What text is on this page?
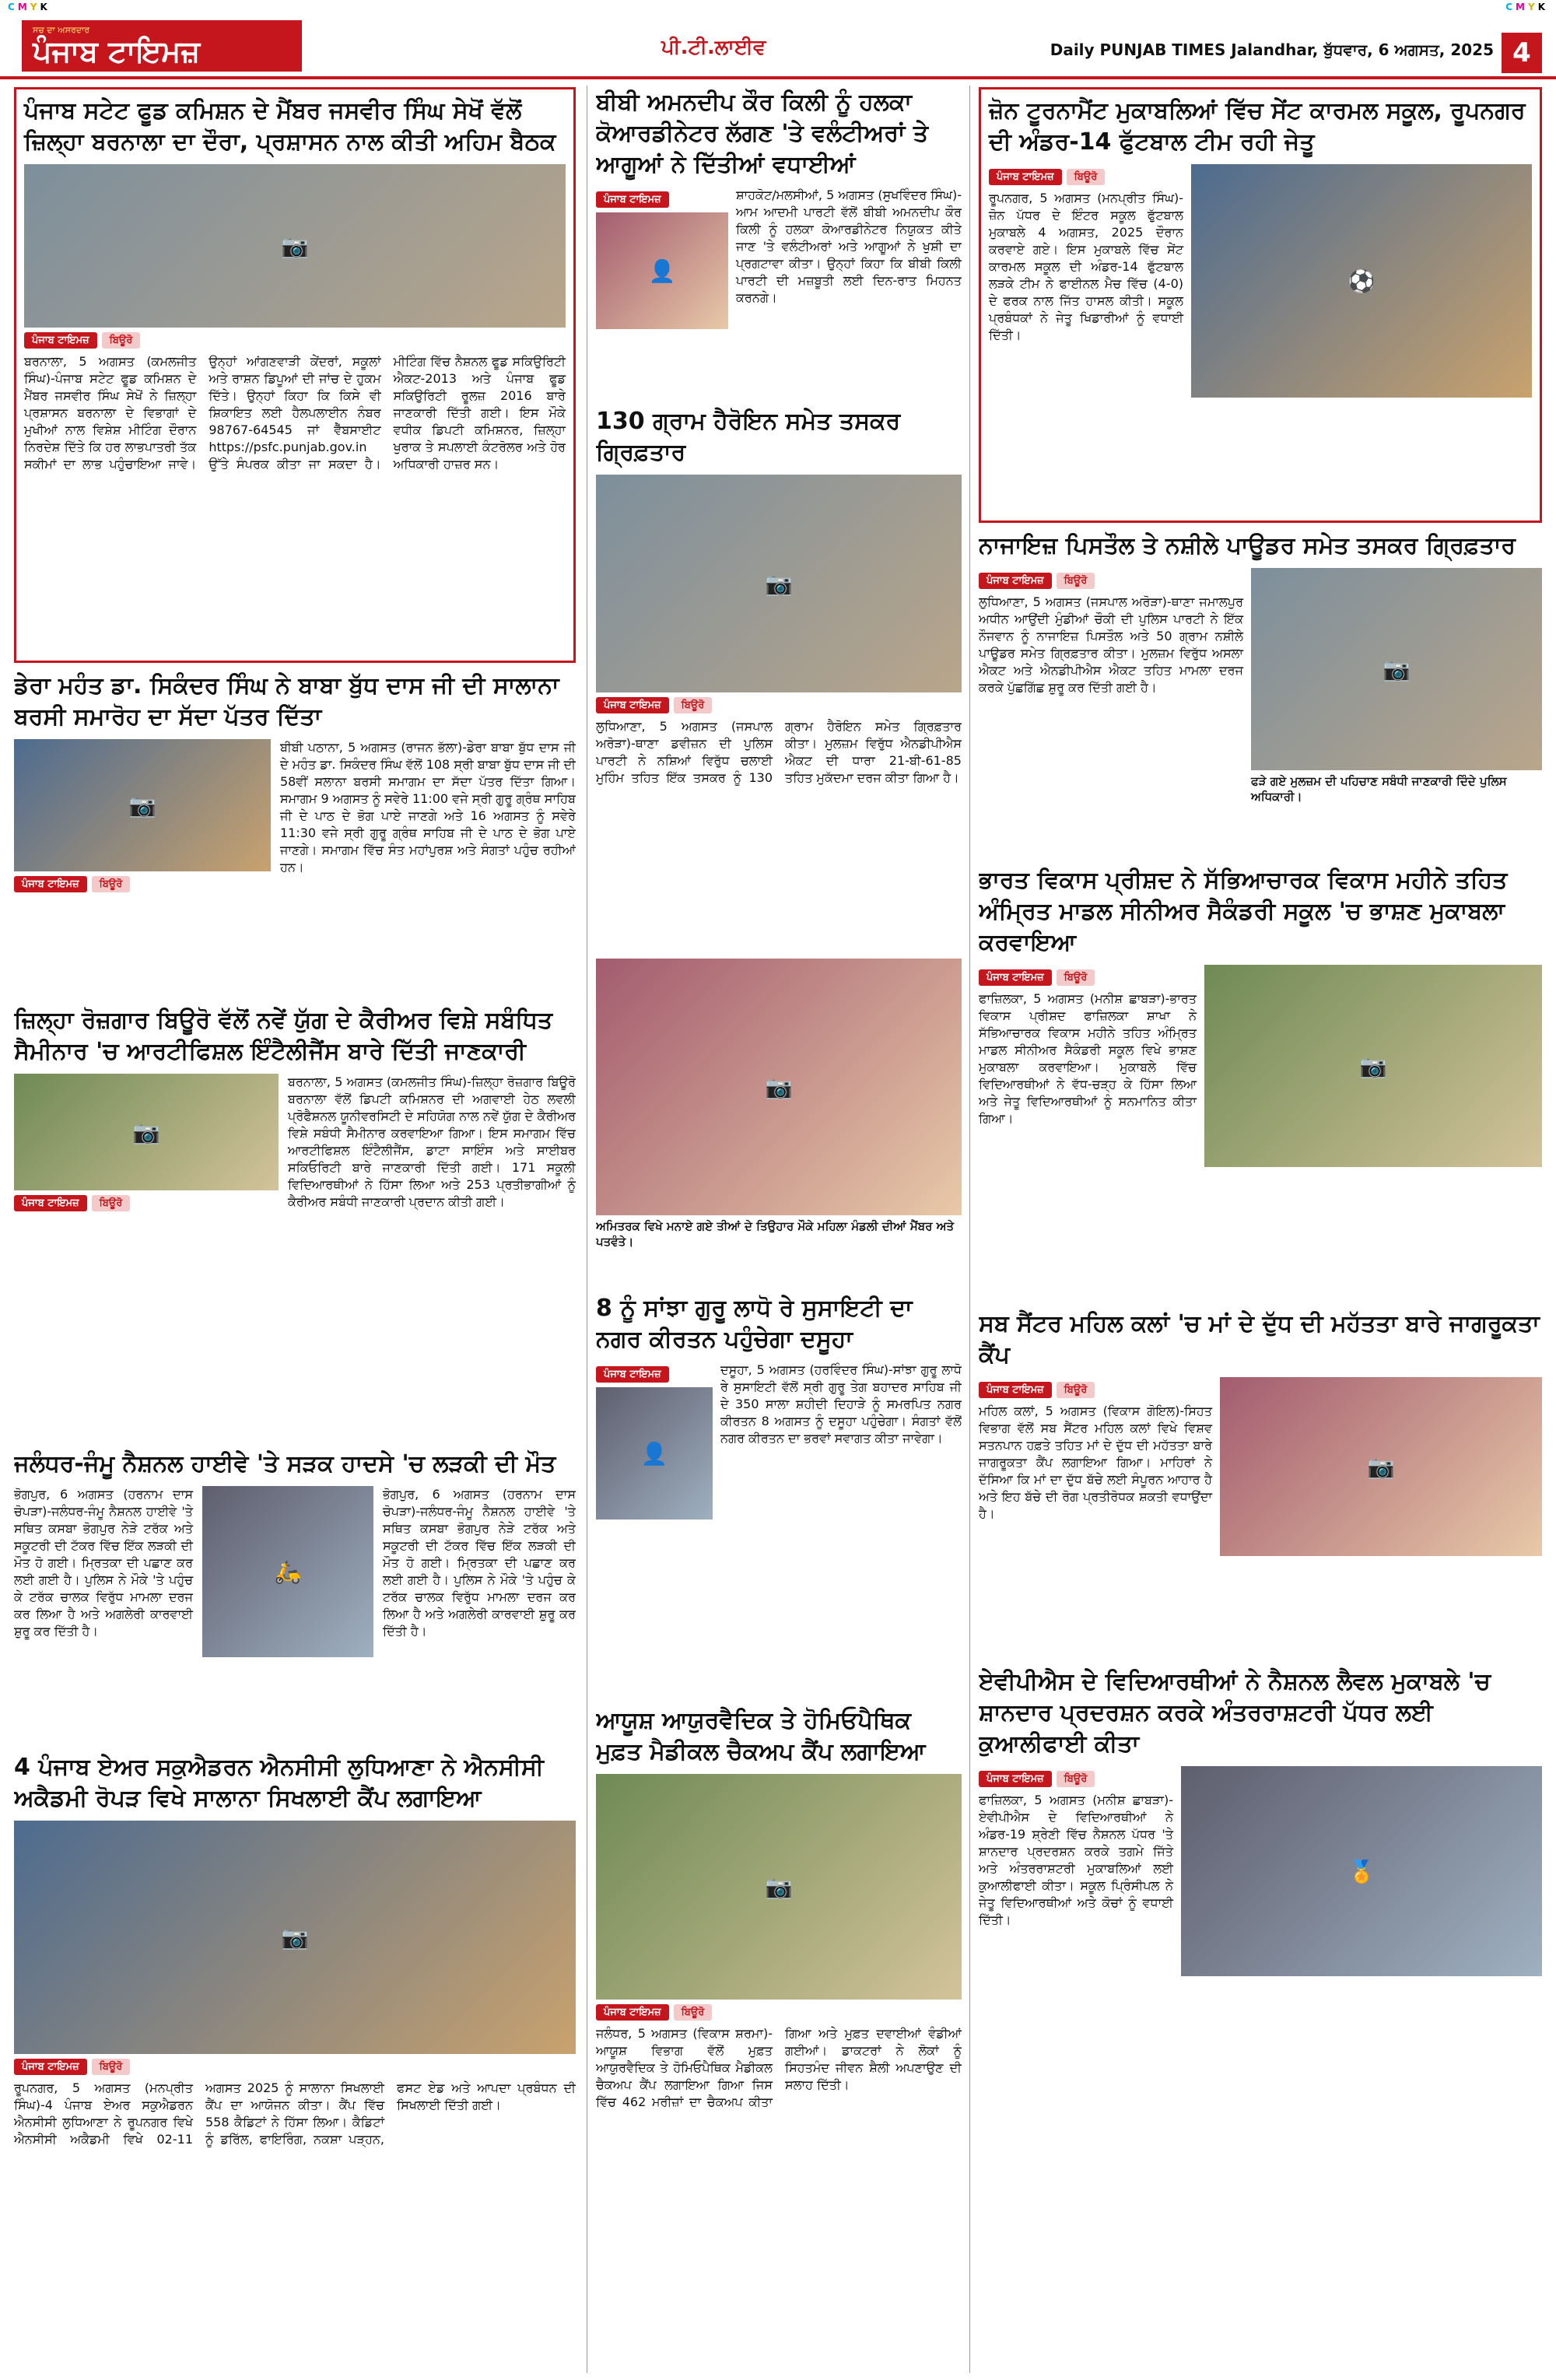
CMYK	CMYK
ਸਚ ਦਾ ਅਸਰਦਾਰ
ਪੰਜਾਬ ਟਾਇਮਜ਼	ਪੀ.ਟੀ.ਲਾਈਵ	Daily PUNJAB TIMES Jalandhar, ਬੁੱਧਵਾਰ, 6 ਅਗਸਤ, 2025 4
ਪੰਜਾਬ ਸਟੇਟ ਫੂਡ ਕਮਿਸ਼ਨ ਦੇ ਮੈਂਬਰ ਜਸਵੀਰ ਸਿੰਘ ਸੇਖੋਂ ਵੱਲੋਂ ਜ਼ਿਲ੍ਹਾ ਬਰਨਾਲਾ ਦਾ ਦੌਰਾ, ਪ੍ਰਸ਼ਾਸਨ ਨਾਲ ਕੀਤੀ ਅਹਿਮ ਬੈਠਕ
📷
ਪੰਜਾਬ ਟਾਇਮਜ਼	ਬਿਊਰੋ
ਬਰਨਾਲਾ, 5 ਅਗਸਤ (ਕਮਲਜੀਤ ਸਿੰਘ)-ਪੰਜਾਬ ਸਟੇਟ ਫੂਡ ਕਮਿਸ਼ਨ ਦੇ ਮੈਂਬਰ ਜਸਵੀਰ ਸਿੰਘ ਸੇਖੋਂ ਨੇ ਜ਼ਿਲ੍ਹਾ ਪ੍ਰਸ਼ਾਸਨ ਬਰਨਾਲਾ ਦੇ ਵਿਭਾਗਾਂ ਦੇ ਮੁਖੀਆਂ ਨਾਲ ਵਿਸ਼ੇਸ਼ ਮੀਟਿੰਗ ਦੌਰਾਨ ਨਿਰਦੇਸ਼ ਦਿੱਤੇ ਕਿ ਹਰ ਲਾਭਪਾਤਰੀ ਤੱਕ ਸਕੀਮਾਂ ਦਾ ਲਾਭ ਪਹੁੰਚਾਇਆ ਜਾਵੇ। ਉਨ੍ਹਾਂ ਆਂਗਣਵਾੜੀ ਕੇਂਦਰਾਂ, ਸਕੂਲਾਂ ਅਤੇ ਰਾਸ਼ਨ ਡਿਪੂਆਂ ਦੀ ਜਾਂਚ ਦੇ ਹੁਕਮ ਦਿੱਤੇ। ਉਨ੍ਹਾਂ ਕਿਹਾ ਕਿ ਕਿਸੇ ਵੀ ਸ਼ਿਕਾਇਤ ਲਈ ਹੈਲਪਲਾਈਨ ਨੰਬਰ 98767-64545 ਜਾਂ ਵੈੱਬਸਾਈਟ https://psfc.punjab.gov.in ਉੱਤੇ ਸੰਪਰਕ ਕੀਤਾ ਜਾ ਸਕਦਾ ਹੈ। ਮੀਟਿੰਗ ਵਿੱਚ ਨੈਸ਼ਨਲ ਫੂਡ ਸਕਿਉਰਿਟੀ ਐਕਟ-2013 ਅਤੇ ਪੰਜਾਬ ਫੂਡ ਸਕਿਉਰਿਟੀ ਰੂਲਜ਼ 2016 ਬਾਰੇ ਜਾਣਕਾਰੀ ਦਿੱਤੀ ਗਈ। ਇਸ ਮੌਕੇ ਵਧੀਕ ਡਿਪਟੀ ਕਮਿਸ਼ਨਰ, ਜ਼ਿਲ੍ਹਾ ਖੁਰਾਕ ਤੇ ਸਪਲਾਈ ਕੰਟਰੋਲਰ ਅਤੇ ਹੋਰ ਅਧਿਕਾਰੀ ਹਾਜ਼ਰ ਸਨ।
ਡੇਰਾ ਮਹੰਤ ਡਾ. ਸਿਕੰਦਰ ਸਿੰਘ ਨੇ ਬਾਬਾ ਬੁੱਧ ਦਾਸ ਜੀ ਦੀ ਸਾਲਾਨਾ ਬਰਸੀ ਸਮਾਰੋਹ ਦਾ ਸੱਦਾ ਪੱਤਰ ਦਿੱਤਾ
📷
ਪੰਜਾਬ ਟਾਇਮਜ਼	ਬਿਊਰੋ
ਬੀਬੀ ਪਠਾਨਾ, 5 ਅਗਸਤ (ਰਾਜਨ ਭੱਲਾ)-ਡੇਰਾ ਬਾਬਾ ਬੁੱਧ ਦਾਸ ਜੀ ਦੇ ਮਹੰਤ ਡਾ. ਸਿਕੰਦਰ ਸਿੰਘ ਵੱਲੋਂ 108 ਸ੍ਰੀ ਬਾਬਾ ਬੁੱਧ ਦਾਸ ਜੀ ਦੀ 58ਵੀਂ ਸਲਾਨਾ ਬਰਸੀ ਸਮਾਗਮ ਦਾ ਸੱਦਾ ਪੱਤਰ ਦਿੱਤਾ ਗਿਆ। ਸਮਾਗਮ 9 ਅਗਸਤ ਨੂੰ ਸਵੇਰੇ 11:00 ਵਜੇ ਸ੍ਰੀ ਗੁਰੂ ਗ੍ਰੰਥ ਸਾਹਿਬ ਜੀ ਦੇ ਪਾਠ ਦੇ ਭੋਗ ਪਾਏ ਜਾਣਗੇ ਅਤੇ 16 ਅਗਸਤ ਨੂੰ ਸਵੇਰੇ 11:30 ਵਜੇ ਸ੍ਰੀ ਗੁਰੂ ਗ੍ਰੰਥ ਸਾਹਿਬ ਜੀ ਦੇ ਪਾਠ ਦੇ ਭੋਗ ਪਾਏ ਜਾਣਗੇ। ਸਮਾਗਮ ਵਿੱਚ ਸੰਤ ਮਹਾਂਪੁਰਸ਼ ਅਤੇ ਸੰਗਤਾਂ ਪਹੁੰਚ ਰਹੀਆਂ ਹਨ।
ਜ਼ਿਲ੍ਹਾ ਰੋਜ਼ਗਾਰ ਬਿਊਰੋ ਵੱਲੋਂ ਨਵੇਂ ਯੁੱਗ ਦੇ ਕੈਰੀਅਰ ਵਿਸ਼ੇ ਸਬੰਧਿਤ ਸੈਮੀਨਾਰ 'ਚ ਆਰਟੀਫਿਸ਼ਲ ਇੰਟੈਲੀਜੈਂਸ ਬਾਰੇ ਦਿੱਤੀ ਜਾਣਕਾਰੀ
📷
ਪੰਜਾਬ ਟਾਇਮਜ਼	ਬਿਊਰੋ
ਬਰਨਾਲਾ, 5 ਅਗਸਤ (ਕਮਲਜੀਤ ਸਿੰਘ)-ਜ਼ਿਲ੍ਹਾ ਰੋਜ਼ਗਾਰ ਬਿਊਰੋ ਬਰਨਾਲਾ ਵੱਲੋਂ ਡਿਪਟੀ ਕਮਿਸ਼ਨਰ ਦੀ ਅਗਵਾਈ ਹੇਠ ਲਵਲੀ ਪ੍ਰੋਫੈਸ਼ਨਲ ਯੂਨੀਵਰਸਿਟੀ ਦੇ ਸਹਿਯੋਗ ਨਾਲ ਨਵੇਂ ਯੁੱਗ ਦੇ ਕੈਰੀਅਰ ਵਿਸ਼ੇ ਸਬੰਧੀ ਸੈਮੀਨਾਰ ਕਰਵਾਇਆ ਗਿਆ। ਇਸ ਸਮਾਗਮ ਵਿੱਚ ਆਰਟੀਫਿਸ਼ਲ ਇੰਟੈਲੀਜੈਂਸ, ਡਾਟਾ ਸਾਇੰਸ ਅਤੇ ਸਾਈਬਰ ਸਕਿਓਰਿਟੀ ਬਾਰੇ ਜਾਣਕਾਰੀ ਦਿੱਤੀ ਗਈ। 171 ਸਕੂਲੀ ਵਿਦਿਆਰਥੀਆਂ ਨੇ ਹਿੱਸਾ ਲਿਆ ਅਤੇ 253 ਪ੍ਰਤੀਭਾਗੀਆਂ ਨੂੰ ਕੈਰੀਅਰ ਸਬੰਧੀ ਜਾਣਕਾਰੀ ਪ੍ਰਦਾਨ ਕੀਤੀ ਗਈ।
ਜਲੰਧਰ-ਜੰਮੂ ਨੈਸ਼ਨਲ ਹਾਈਵੇ 'ਤੇ ਸੜਕ ਹਾਦਸੇ 'ਚ ਲੜਕੀ ਦੀ ਮੌਤ
ਭੋਗਪੁਰ, 6 ਅਗਸਤ (ਹਰਨਾਮ ਦਾਸ ਚੋਪੜਾ)-ਜਲੰਧਰ-ਜੰਮੂ ਨੈਸ਼ਨਲ ਹਾਈਵੇ 'ਤੇ ਸਥਿਤ ਕਸਬਾ ਭੋਗਪੁਰ ਨੇੜੇ ਟਰੱਕ ਅਤੇ ਸਕੂਟਰੀ ਦੀ ਟੱਕਰ ਵਿੱਚ ਇੱਕ ਲੜਕੀ ਦੀ ਮੌਤ ਹੋ ਗਈ। ਮ੍ਰਿਤਕਾ ਦੀ ਪਛਾਣ ਕਰ ਲਈ ਗਈ ਹੈ। ਪੁਲਿਸ ਨੇ ਮੌਕੇ 'ਤੇ ਪਹੁੰਚ ਕੇ ਟਰੱਕ ਚਾਲਕ ਵਿਰੁੱਧ ਮਾਮਲਾ ਦਰਜ ਕਰ ਲਿਆ ਹੈ ਅਤੇ ਅਗਲੇਰੀ ਕਾਰਵਾਈ ਸ਼ੁਰੂ ਕਰ ਦਿੱਤੀ ਹੈ।
🛵
ਭੋਗਪੁਰ, 6 ਅਗਸਤ (ਹਰਨਾਮ ਦਾਸ ਚੋਪੜਾ)-ਜਲੰਧਰ-ਜੰਮੂ ਨੈਸ਼ਨਲ ਹਾਈਵੇ 'ਤੇ ਸਥਿਤ ਕਸਬਾ ਭੋਗਪੁਰ ਨੇੜੇ ਟਰੱਕ ਅਤੇ ਸਕੂਟਰੀ ਦੀ ਟੱਕਰ ਵਿੱਚ ਇੱਕ ਲੜਕੀ ਦੀ ਮੌਤ ਹੋ ਗਈ। ਮ੍ਰਿਤਕਾ ਦੀ ਪਛਾਣ ਕਰ ਲਈ ਗਈ ਹੈ। ਪੁਲਿਸ ਨੇ ਮੌਕੇ 'ਤੇ ਪਹੁੰਚ ਕੇ ਟਰੱਕ ਚਾਲਕ ਵਿਰੁੱਧ ਮਾਮਲਾ ਦਰਜ ਕਰ ਲਿਆ ਹੈ ਅਤੇ ਅਗਲੇਰੀ ਕਾਰਵਾਈ ਸ਼ੁਰੂ ਕਰ ਦਿੱਤੀ ਹੈ।
4 ਪੰਜਾਬ ਏਅਰ ਸਕੁਐਡਰਨ ਐਨਸੀਸੀ ਲੁਧਿਆਣਾ ਨੇ ਐਨਸੀਸੀ ਅਕੈਡਮੀ ਰੋਪੜ ਵਿਖੇ ਸਾਲਾਨਾ ਸਿਖਲਾਈ ਕੈਂਪ ਲਗਾਇਆ
📷
ਪੰਜਾਬ ਟਾਇਮਜ਼	ਬਿਊਰੋ
ਰੂਪਨਗਰ, 5 ਅਗਸਤ (ਮਨਪ੍ਰੀਤ ਸਿੰਘ)-4 ਪੰਜਾਬ ਏਅਰ ਸਕੁਐਡਰਨ ਐਨਸੀਸੀ ਲੁਧਿਆਣਾ ਨੇ ਰੂਪਨਗਰ ਵਿਖੇ ਐਨਸੀਸੀ ਅਕੈਡਮੀ ਵਿਖੇ 02-11 ਅਗਸਤ 2025 ਨੂੰ ਸਾਲਾਨਾ ਸਿਖਲਾਈ ਕੈਂਪ ਦਾ ਆਯੋਜਨ ਕੀਤਾ। ਕੈਂਪ ਵਿੱਚ 558 ਕੈਡਿਟਾਂ ਨੇ ਹਿੱਸਾ ਲਿਆ। ਕੈਡਿਟਾਂ ਨੂੰ ਡਰਿੱਲ, ਫਾਇਰਿੰਗ, ਨਕਸ਼ਾ ਪੜ੍ਹਨ, ਫਸਟ ਏਡ ਅਤੇ ਆਪਦਾ ਪ੍ਰਬੰਧਨ ਦੀ ਸਿਖਲਾਈ ਦਿੱਤੀ ਗਈ।
ਬੀਬੀ ਅਮਨਦੀਪ ਕੌਰ ਕਿਲੀ ਨੂੰ ਹਲਕਾ ਕੋਆਰਡੀਨੇਟਰ ਲੱਗਣ 'ਤੇ ਵਲੰਟੀਅਰਾਂ ਤੇ ਆਗੂਆਂ ਨੇ ਦਿੱਤੀਆਂ ਵਧਾਈਆਂ
ਪੰਜਾਬ ਟਾਇਮਜ਼
👤
ਸ਼ਾਹਕੋਟ/ਮਲਸੀਆਂ, 5 ਅਗਸਤ (ਸੁਖਵਿੰਦਰ ਸਿੰਘ)-ਆਮ ਆਦਮੀ ਪਾਰਟੀ ਵੱਲੋਂ ਬੀਬੀ ਅਮਨਦੀਪ ਕੌਰ ਕਿਲੀ ਨੂੰ ਹਲਕਾ ਕੋਆਰਡੀਨੇਟਰ ਨਿਯੁਕਤ ਕੀਤੇ ਜਾਣ 'ਤੇ ਵਲੰਟੀਅਰਾਂ ਅਤੇ ਆਗੂਆਂ ਨੇ ਖੁਸ਼ੀ ਦਾ ਪ੍ਰਗਟਾਵਾ ਕੀਤਾ। ਉਨ੍ਹਾਂ ਕਿਹਾ ਕਿ ਬੀਬੀ ਕਿਲੀ ਪਾਰਟੀ ਦੀ ਮਜ਼ਬੂਤੀ ਲਈ ਦਿਨ-ਰਾਤ ਮਿਹਨਤ ਕਰਨਗੇ।
130 ਗ੍ਰਾਮ ਹੈਰੋਇਨ ਸਮੇਤ ਤਸਕਰ ਗ੍ਰਿਫ਼ਤਾਰ
📷
ਪੰਜਾਬ ਟਾਇਮਜ਼	ਬਿਊਰੋ
ਲੁਧਿਆਣਾ, 5 ਅਗਸਤ (ਜਸਪਾਲ ਅਰੋੜਾ)-ਥਾਣਾ ਡਵੀਜ਼ਨ ਦੀ ਪੁਲਿਸ ਪਾਰਟੀ ਨੇ ਨਸ਼ਿਆਂ ਵਿਰੁੱਧ ਚਲਾਈ ਮੁਹਿੰਮ ਤਹਿਤ ਇੱਕ ਤਸਕਰ ਨੂੰ 130 ਗ੍ਰਾਮ ਹੈਰੋਇਨ ਸਮੇਤ ਗ੍ਰਿਫ਼ਤਾਰ ਕੀਤਾ। ਮੁਲਜ਼ਮ ਵਿਰੁੱਧ ਐਨਡੀਪੀਐਸ ਐਕਟ ਦੀ ਧਾਰਾ 21-ਬੀ-61-85 ਤਹਿਤ ਮੁਕੱਦਮਾ ਦਰਜ ਕੀਤਾ ਗਿਆ ਹੈ।
📷
ਅਮਿਤਰਕ ਵਿਖੇ ਮਨਾਏ ਗਏ ਤੀਆਂ ਦੇ ਤਿਉਹਾਰ ਮੌਕੇ ਮਹਿਲਾ ਮੰਡਲੀ ਦੀਆਂ ਮੈਂਬਰ ਅਤੇ ਪਤਵੰਤੇ।
8 ਨੂੰ ਸਾਂਝਾ ਗੁਰੂ ਲਾਧੋ ਰੇ ਸੁਸਾਇਟੀ ਦਾ ਨਗਰ ਕੀਰਤਨ ਪਹੁੰਚੇਗਾ ਦਸੂਹਾ
ਪੰਜਾਬ ਟਾਇਮਜ਼
👤
ਦਸੂਹਾ, 5 ਅਗਸਤ (ਹਰਵਿੰਦਰ ਸਿੰਘ)-ਸਾਂਝਾ ਗੁਰੂ ਲਾਧੋ ਰੇ ਸੁਸਾਇਟੀ ਵੱਲੋਂ ਸ੍ਰੀ ਗੁਰੂ ਤੇਗ ਬਹਾਦਰ ਸਾਹਿਬ ਜੀ ਦੇ 350 ਸਾਲਾ ਸ਼ਹੀਦੀ ਦਿਹਾੜੇ ਨੂੰ ਸਮਰਪਿਤ ਨਗਰ ਕੀਰਤਨ 8 ਅਗਸਤ ਨੂੰ ਦਸੂਹਾ ਪਹੁੰਚੇਗਾ। ਸੰਗਤਾਂ ਵੱਲੋਂ ਨਗਰ ਕੀਰਤਨ ਦਾ ਭਰਵਾਂ ਸਵਾਗਤ ਕੀਤਾ ਜਾਵੇਗਾ।
ਆਯੂਸ਼ ਆਯੁਰਵੈਦਿਕ ਤੇ ਹੋਮਿਓਪੈਥਿਕ ਮੁਫ਼ਤ ਮੈਡੀਕਲ ਚੈਕਅਪ ਕੈਂਪ ਲਗਾਇਆ
📷
ਪੰਜਾਬ ਟਾਇਮਜ਼	ਬਿਊਰੋ
ਜਲੰਧਰ, 5 ਅਗਸਤ (ਵਿਕਾਸ ਸ਼ਰਮਾ)-ਆਯੂਸ਼ ਵਿਭਾਗ ਵੱਲੋਂ ਮੁਫ਼ਤ ਆਯੁਰਵੈਦਿਕ ਤੇ ਹੋਮਿਓਪੈਥਿਕ ਮੈਡੀਕਲ ਚੈਕਅਪ ਕੈਂਪ ਲਗਾਇਆ ਗਿਆ ਜਿਸ ਵਿੱਚ 462 ਮਰੀਜ਼ਾਂ ਦਾ ਚੈਕਅਪ ਕੀਤਾ ਗਿਆ ਅਤੇ ਮੁਫ਼ਤ ਦਵਾਈਆਂ ਵੰਡੀਆਂ ਗਈਆਂ। ਡਾਕਟਰਾਂ ਨੇ ਲੋਕਾਂ ਨੂੰ ਸਿਹਤਮੰਦ ਜੀਵਨ ਸ਼ੈਲੀ ਅਪਣਾਉਣ ਦੀ ਸਲਾਹ ਦਿੱਤੀ।
ਜ਼ੋਨ ਟੂਰਨਾਮੈਂਟ ਮੁਕਾਬਲਿਆਂ ਵਿੱਚ ਸੇਂਟ ਕਾਰਮਲ ਸਕੂਲ, ਰੂਪਨਗਰ ਦੀ ਅੰਡਰ-14 ਫੁੱਟਬਾਲ ਟੀਮ ਰਹੀ ਜੇਤੂ
ਪੰਜਾਬ ਟਾਇਮਜ਼	ਬਿਊਰੋ
ਰੂਪਨਗਰ, 5 ਅਗਸਤ (ਮਨਪ੍ਰੀਤ ਸਿੰਘ)-ਜ਼ੋਨ ਪੱਧਰ ਦੇ ਇੰਟਰ ਸਕੂਲ ਫੁੱਟਬਾਲ ਮੁਕਾਬਲੇ 4 ਅਗਸਤ, 2025 ਦੌਰਾਨ ਕਰਵਾਏ ਗਏ। ਇਸ ਮੁਕਾਬਲੇ ਵਿੱਚ ਸੇਂਟ ਕਾਰਮਲ ਸਕੂਲ ਦੀ ਅੰਡਰ-14 ਫੁੱਟਬਾਲ ਲੜਕੇ ਟੀਮ ਨੇ ਫਾਈਨਲ ਮੈਚ ਵਿੱਚ (4-0) ਦੇ ਫਰਕ ਨਾਲ ਜਿੱਤ ਹਾਸਲ ਕੀਤੀ। ਸਕੂਲ ਪ੍ਰਬੰਧਕਾਂ ਨੇ ਜੇਤੂ ਖਿਡਾਰੀਆਂ ਨੂੰ ਵਧਾਈ ਦਿੱਤੀ।
⚽
ਨਾਜਾਇਜ਼ ਪਿਸਤੌਲ ਤੇ ਨਸ਼ੀਲੇ ਪਾਊਡਰ ਸਮੇਤ ਤਸਕਰ ਗ੍ਰਿਫ਼ਤਾਰ
ਪੰਜਾਬ ਟਾਇਮਜ਼	ਬਿਊਰੋ
ਲੁਧਿਆਣਾ, 5 ਅਗਸਤ (ਜਸਪਾਲ ਅਰੋੜਾ)-ਥਾਣਾ ਜਮਾਲਪੁਰ ਅਧੀਨ ਆਉਂਦੀ ਮੁੰਡੀਆਂ ਚੌਕੀ ਦੀ ਪੁਲਿਸ ਪਾਰਟੀ ਨੇ ਇੱਕ ਨੌਜਵਾਨ ਨੂੰ ਨਾਜਾਇਜ਼ ਪਿਸਤੌਲ ਅਤੇ 50 ਗ੍ਰਾਮ ਨਸ਼ੀਲੇ ਪਾਊਡਰ ਸਮੇਤ ਗ੍ਰਿਫ਼ਤਾਰ ਕੀਤਾ। ਮੁਲਜ਼ਮ ਵਿਰੁੱਧ ਅਸਲਾ ਐਕਟ ਅਤੇ ਐਨਡੀਪੀਐਸ ਐਕਟ ਤਹਿਤ ਮਾਮਲਾ ਦਰਜ ਕਰਕੇ ਪੁੱਛਗਿੱਛ ਸ਼ੁਰੂ ਕਰ ਦਿੱਤੀ ਗਈ ਹੈ।
📷
ਫੜੇ ਗਏ ਮੁਲਜ਼ਮ ਦੀ ਪਹਿਚਾਣ ਸਬੰਧੀ ਜਾਣਕਾਰੀ ਦਿੰਦੇ ਪੁਲਿਸ ਅਧਿਕਾਰੀ।
ਭਾਰਤ ਵਿਕਾਸ ਪ੍ਰੀਸ਼ਦ ਨੇ ਸੱਭਿਆਚਾਰਕ ਵਿਕਾਸ ਮਹੀਨੇ ਤਹਿਤ ਅੰਮ੍ਰਿਤ ਮਾਡਲ ਸੀਨੀਅਰ ਸੈਕੰਡਰੀ ਸਕੂਲ 'ਚ ਭਾਸ਼ਣ ਮੁਕਾਬਲਾ ਕਰਵਾਇਆ
ਪੰਜਾਬ ਟਾਇਮਜ਼	ਬਿਊਰੋ
ਫਾਜ਼ਿਲਕਾ, 5 ਅਗਸਤ (ਮਨੀਸ਼ ਛਾਬੜਾ)-ਭਾਰਤ ਵਿਕਾਸ ਪ੍ਰੀਸ਼ਦ ਫਾਜ਼ਿਲਕਾ ਸ਼ਾਖਾ ਨੇ ਸੱਭਿਆਚਾਰਕ ਵਿਕਾਸ ਮਹੀਨੇ ਤਹਿਤ ਅੰਮ੍ਰਿਤ ਮਾਡਲ ਸੀਨੀਅਰ ਸੈਕੰਡਰੀ ਸਕੂਲ ਵਿਖੇ ਭਾਸ਼ਣ ਮੁਕਾਬਲਾ ਕਰਵਾਇਆ। ਮੁਕਾਬਲੇ ਵਿੱਚ ਵਿਦਿਆਰਥੀਆਂ ਨੇ ਵੱਧ-ਚੜ੍ਹ ਕੇ ਹਿੱਸਾ ਲਿਆ ਅਤੇ ਜੇਤੂ ਵਿਦਿਆਰਥੀਆਂ ਨੂੰ ਸਨਮਾਨਿਤ ਕੀਤਾ ਗਿਆ।
📷
ਸਬ ਸੈਂਟਰ ਮਹਿਲ ਕਲਾਂ 'ਚ ਮਾਂ ਦੇ ਦੁੱਧ ਦੀ ਮਹੱਤਤਾ ਬਾਰੇ ਜਾਗਰੂਕਤਾ ਕੈਂਪ
ਪੰਜਾਬ ਟਾਇਮਜ਼	ਬਿਊਰੋ
ਮਹਿਲ ਕਲਾਂ, 5 ਅਗਸਤ (ਵਿਕਾਸ ਗੋਇਲ)-ਸਿਹਤ ਵਿਭਾਗ ਵੱਲੋਂ ਸਬ ਸੈਂਟਰ ਮਹਿਲ ਕਲਾਂ ਵਿਖੇ ਵਿਸ਼ਵ ਸਤਨਪਾਨ ਹਫ਼ਤੇ ਤਹਿਤ ਮਾਂ ਦੇ ਦੁੱਧ ਦੀ ਮਹੱਤਤਾ ਬਾਰੇ ਜਾਗਰੂਕਤਾ ਕੈਂਪ ਲਗਾਇਆ ਗਿਆ। ਮਾਹਿਰਾਂ ਨੇ ਦੱਸਿਆ ਕਿ ਮਾਂ ਦਾ ਦੁੱਧ ਬੱਚੇ ਲਈ ਸੰਪੂਰਨ ਆਹਾਰ ਹੈ ਅਤੇ ਇਹ ਬੱਚੇ ਦੀ ਰੋਗ ਪ੍ਰਤੀਰੋਧਕ ਸ਼ਕਤੀ ਵਧਾਉਂਦਾ ਹੈ।
📷
ਏਵੀਪੀਐਸ ਦੇ ਵਿਦਿਆਰਥੀਆਂ ਨੇ ਨੈਸ਼ਨਲ ਲੈਵਲ ਮੁਕਾਬਲੇ 'ਚ ਸ਼ਾਨਦਾਰ ਪ੍ਰਦਰਸ਼ਨ ਕਰਕੇ ਅੰਤਰਰਾਸ਼ਟਰੀ ਪੱਧਰ ਲਈ ਕੁਆਲੀਫਾਈ ਕੀਤਾ
ਪੰਜਾਬ ਟਾਇਮਜ਼	ਬਿਊਰੋ
ਫਾਜ਼ਿਲਕਾ, 5 ਅਗਸਤ (ਮਨੀਸ਼ ਛਾਬੜਾ)-ਏਵੀਪੀਐਸ ਦੇ ਵਿਦਿਆਰਥੀਆਂ ਨੇ ਅੰਡਰ-19 ਸ਼੍ਰੇਣੀ ਵਿੱਚ ਨੈਸ਼ਨਲ ਪੱਧਰ 'ਤੇ ਸ਼ਾਨਦਾਰ ਪ੍ਰਦਰਸ਼ਨ ਕਰਕੇ ਤਗਮੇ ਜਿੱਤੇ ਅਤੇ ਅੰਤਰਰਾਸ਼ਟਰੀ ਮੁਕਾਬਲਿਆਂ ਲਈ ਕੁਆਲੀਫਾਈ ਕੀਤਾ। ਸਕੂਲ ਪ੍ਰਿੰਸੀਪਲ ਨੇ ਜੇਤੂ ਵਿਦਿਆਰਥੀਆਂ ਅਤੇ ਕੋਚਾਂ ਨੂੰ ਵਧਾਈ ਦਿੱਤੀ।
🏅
